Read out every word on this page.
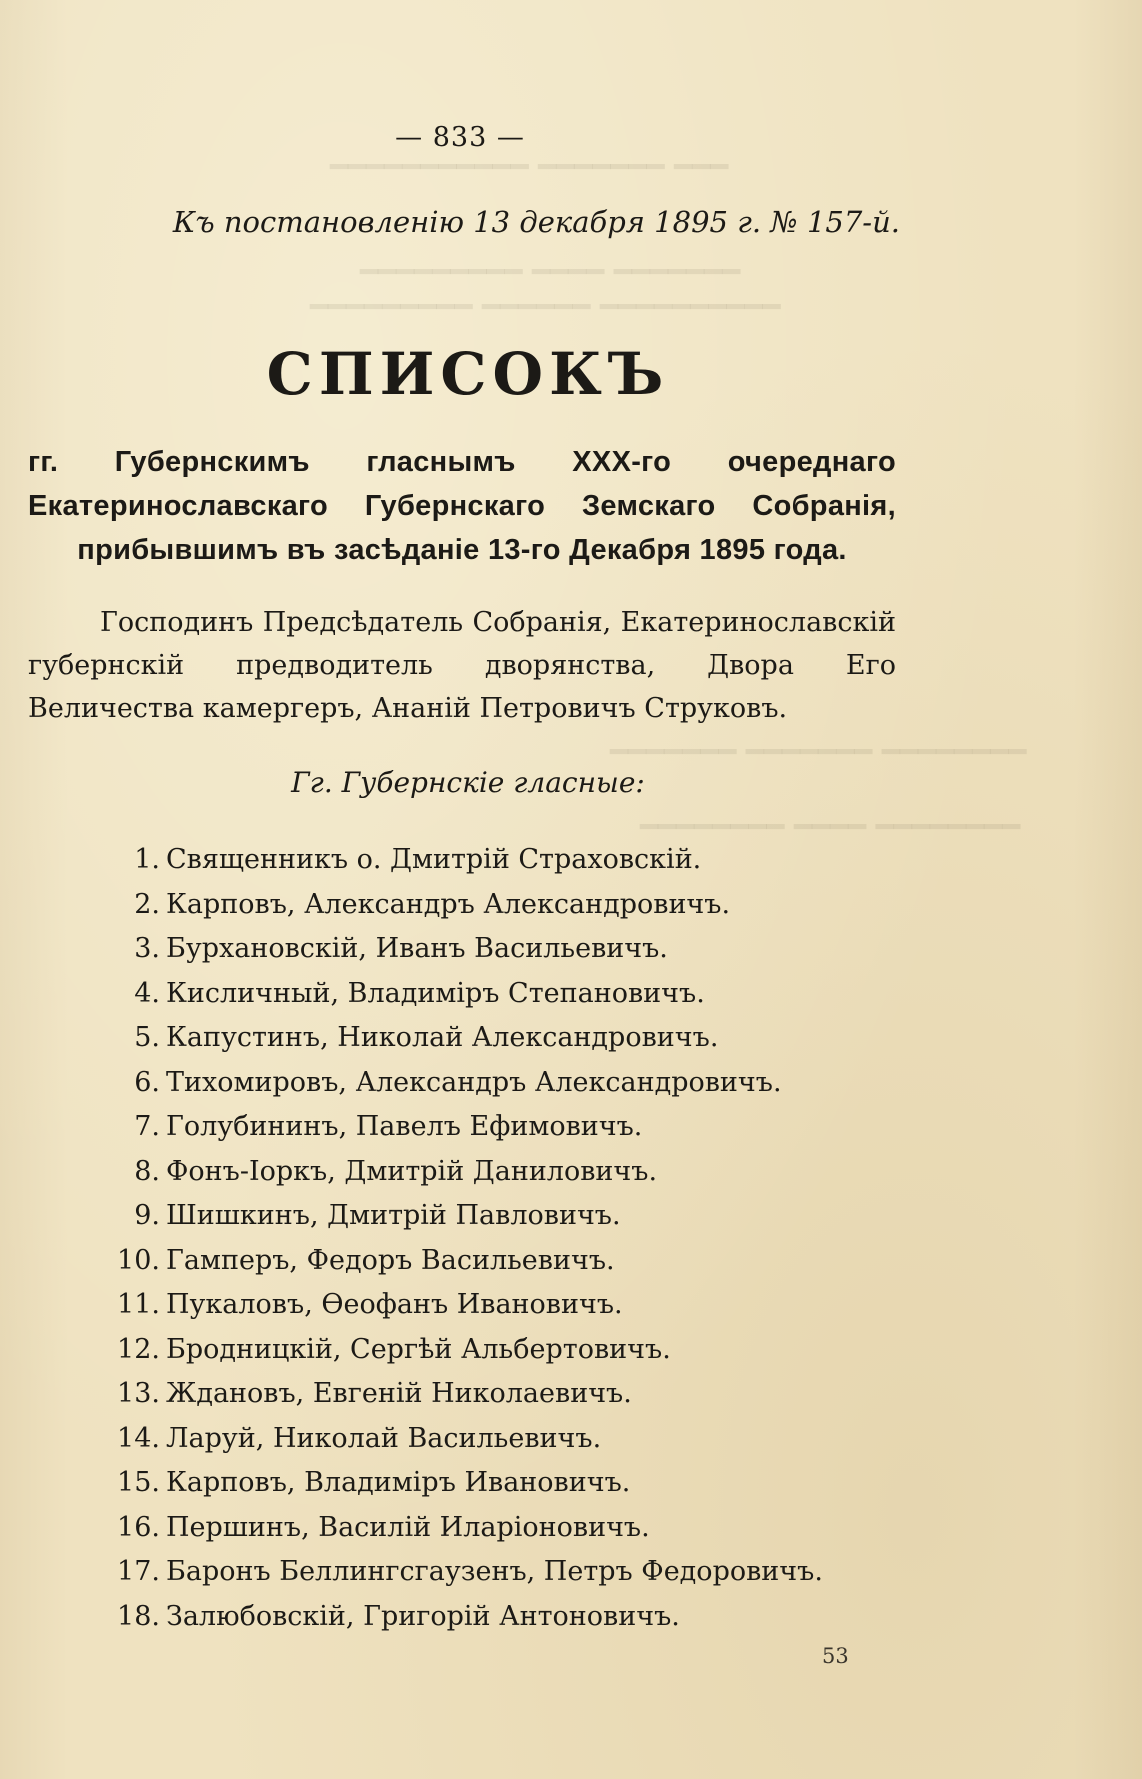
━━━ ━━━━━━━ ━━━━━━━━━━━
━━━━━━━ ━━━━ ━━━━━━━━━
━━━━━━━━━━ ━━━━━━ ━━━━━━━━━
━━━━━━━━ ━━━━━━━ ━━━━━━━
━━━━━━━━ ━━━━ ━━━━━━━━
— 833 —
Къ постановленію 13 декабря 1895 г. № 157-й.
СПИСОКЪ
гг. Губернскимъ гласнымъ ХХХ-го очереднаго Екатеринославскаго Губернскаго Земскаго Собранія, прибывшимъ въ засѣданіе 13-го Декабря 1895 года.
Господинъ Предсѣдатель Собранія, Екатеринославскій губернскій предводитель дворянства, Двора Его Величества камергеръ, Ананій Петровичъ Струковъ.
Гг. Губернскіе гласные:
1. Священникъ о. Дмитрій Страховскій.
2. Карповъ, Александръ Александровичъ.
3. Бурхановскій, Иванъ Васильевичъ.
4. Кисличный, Владиміръ Степановичъ.
5. Капустинъ, Николай Александровичъ.
6. Тихомировъ, Александръ Александровичъ.
7. Голубининъ, Павелъ Ефимовичъ.
8. Фонъ-Іоркъ, Дмитрій Даниловичъ.
9. Шишкинъ, Дмитрій Павловичъ.
10. Гамперъ, Федоръ Васильевичъ.
11. Пукаловъ, Ѳеофанъ Ивановичъ.
12. Бродницкій, Сергѣй Альбертовичъ.
13. Ждановъ, Евгеній Николаевичъ.
14. Ларуй, Николай Васильевичъ.
15. Карповъ, Владиміръ Ивановичъ.
16. Першинъ, Василій Иларіоновичъ.
17. Баронъ Беллингсгаузенъ, Петръ Федоровичъ.
18. Залюбовскій, Григорій Антоновичъ.
53
